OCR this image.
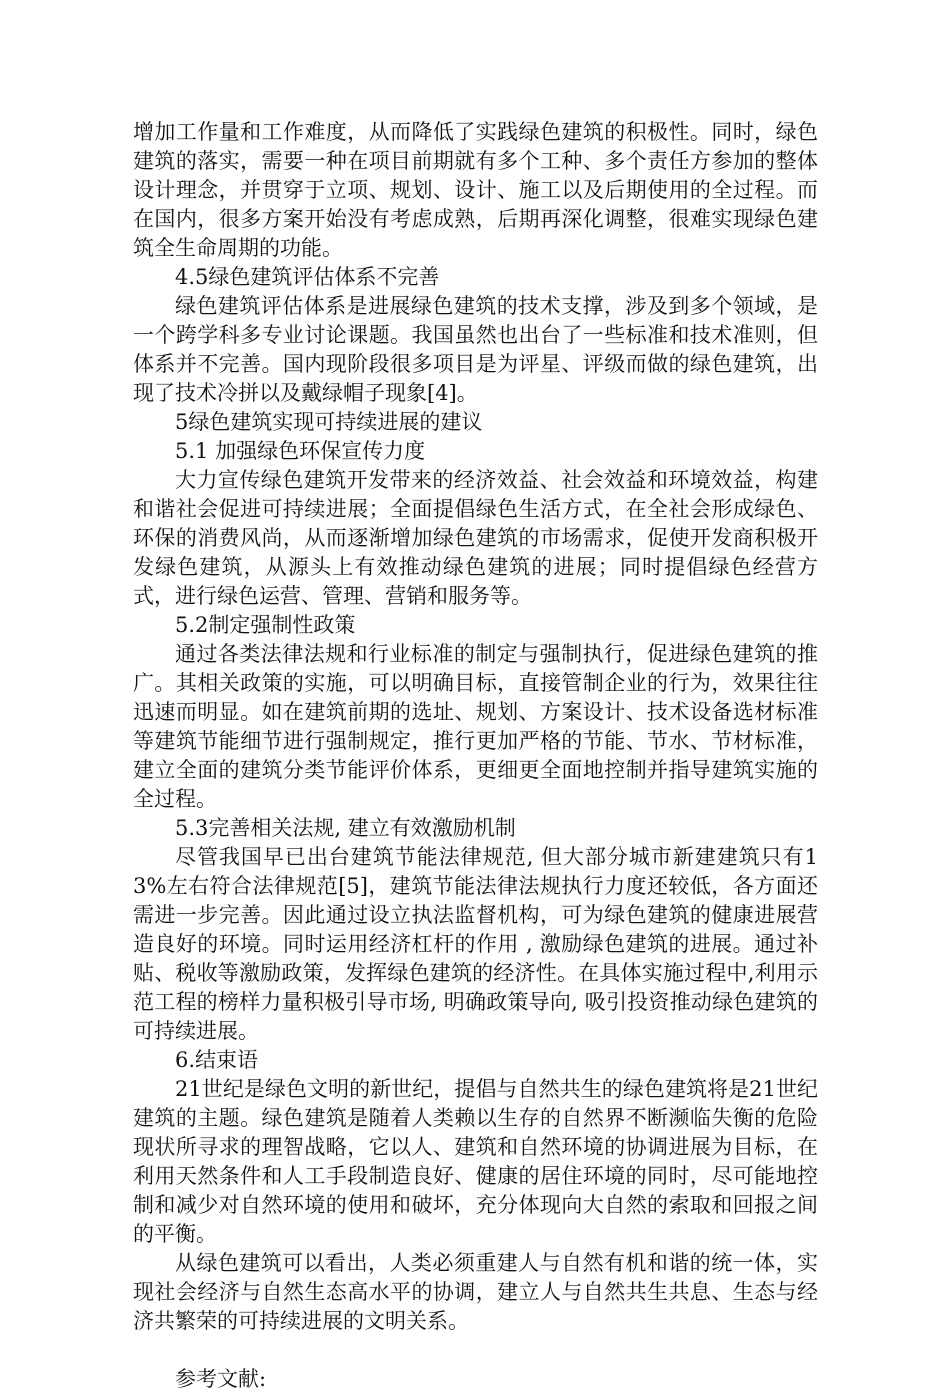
增加工作量和工作难度，从而降低了实践绿色建筑的积极性。同时，绿色建筑的落实，需要一种在项目前期就有多个工种、多个责任方参加的整体设计理念，并贯穿于立项、规划、设计、施工以及后期使用的全过程。而在国内，很多方案开始没有考虑成熟，后期再深化调整，很难实现绿色建筑全生命周期的功能。

4.5绿色建筑评估体系不完善

绿色建筑评估体系是进展绿色建筑的技术支撑，涉及到多个领域，是一个跨学科多专业讨论课题。我国虽然也出台了一些标准和技术准则，但体系并不完善。国内现阶段很多项目是为评星、评级而做的绿色建筑，出现了技术冷拼以及戴绿帽子现象[4]。

5绿色建筑实现可持续进展的建议

5.1 加强绿色环保宣传力度

大力宣传绿色建筑开发带来的经济效益、社会效益和环境效益，构建和谐社会促进可持续进展；全面提倡绿色生活方式，在全社会形成绿色、环保的消费风尚，从而逐渐增加绿色建筑的市场需求，促使开发商积极开发绿色建筑，从源头上有效推动绿色建筑的进展；同时提倡绿色经营方式，进行绿色运营、管理、营销和服务等。

5.2制定强制性政策

通过各类法律法规和行业标准的制定与强制执行，促进绿色建筑的推广。其相关政策的实施，可以明确目标，直接管制企业的行为，效果往往迅速而明显。如在建筑前期的选址、规划、方案设计、技术设备选材标准等建筑节能细节进行强制规定，推行更加严格的节能、节水、节材标准，建立全面的建筑分类节能评价体系，更细更全面地控制并指导建筑实施的全过程。

5.3完善相关法规, 建立有效激励机制

尽管我国早已出台建筑节能法律规范, 但大部分城市新建建筑只有13%左右符合法律规范[5]，建筑节能法律法规执行力度还较低，各方面还需进一步完善。因此通过设立执法监督机构，可为绿色建筑的健康进展营造良好的环境。同时运用经济杠杆的作用 , 激励绿色建筑的进展。通过补贴、税收等激励政策，发挥绿色建筑的经济性。在具体实施过程中,利用示范工程的榜样力量积极引导市场, 明确政策导向, 吸引投资推动绿色建筑的可持续进展。

6.结束语

21世纪是绿色文明的新世纪，提倡与自然共生的绿色建筑将是21世纪建筑的主题。绿色建筑是随着人类赖以生存的自然界不断濒临失衡的危险现状所寻求的理智战略，它以人、建筑和自然环境的协调进展为目标，在利用天然条件和人工手段制造良好、健康的居住环境的同时，尽可能地控制和减少对自然环境的使用和破坏，充分体现向大自然的索取和回报之间的平衡。

从绿色建筑可以看出，人类必须重建人与自然有机和谐的统一体，实现社会经济与自然生态高水平的协调，建立人与自然共生共息、生态与经济共繁荣的可持续进展的文明关系。

参考文献:
